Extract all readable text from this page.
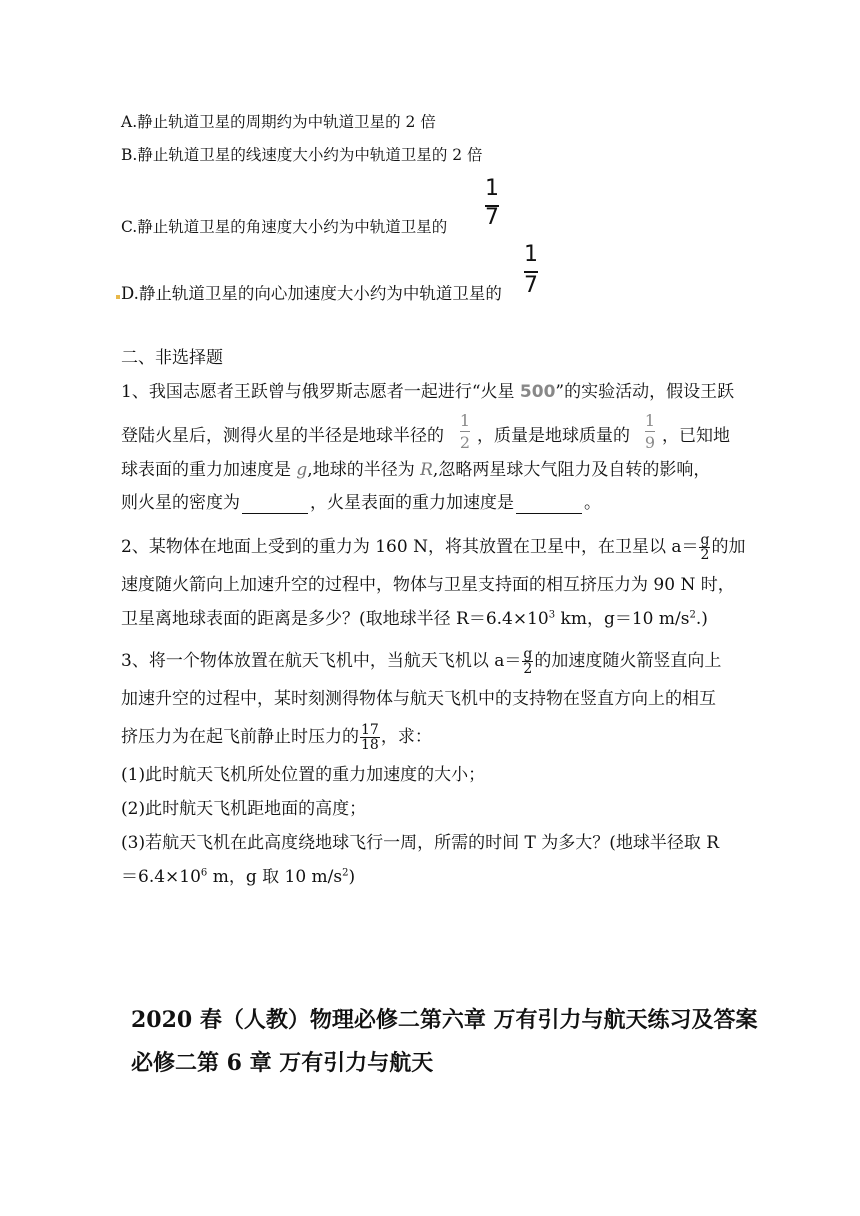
A.静止轨道卫星的周期约为中轨道卫星的 2 倍
B.静止轨道卫星的线速度大小约为中轨道卫星的 2 倍
1
C.静止轨道卫星的角速度大小约为中轨道卫星的 7
1
D.静止轨道卫星的向心加速度大小约为中轨道卫星的 7
二、非选择题
1、我国志愿者王跃曾与俄罗斯志愿者一起进行“火星 500”的实验活动，假设王跃
登陆火星后，测得火星的半径是地球半径的
1
2 ，质量是地球质量的
1
9 ，已知地
球表面的重力加速度是 g,地球的半径为 R,忽略两星球大气阻力及自转的影响，
则火星的密度为	，火星表面的重力加速度是	。
2、某物体在地面上受到的重力为 160 N，将其放置在卫星中，在卫星以 $a= \frac{g}{2}$ 的加
速度随火箭向上加速升空的过程中，物体与卫星支持面的相互挤压力为 90 N 时，
卫星离地球表面的距离是多少？(取地球半径 $R=6.4\times 10^3$ km，g＝10 $m/s^2$.)
3、将一个物体放置在航天飞机中，当航天飞机以 $a= \frac{g}{2}$ 的加速度随火箭竖直向上
加速升空的过程中，某时刻测得物体与航天飞机中的支持物在竖直方向上的相互
挤压力为在起飞前静止时压力的 $\frac{17}{18}$ ，求：
(1)此时航天飞机所处位置的重力加速度的大小；
(2)此时航天飞机距地面的高度；
(3)若航天飞机在此高度绕地球飞行一周，所需的时间 T 为多大？(地球半径取 R
$=6.4\times 10^6$ m，g 取 10 $m/s^2$)
2020 春（人教）物理必修二第六章 万有引力与航天练习及答案
必修二第 6 章 万有引力与航天
